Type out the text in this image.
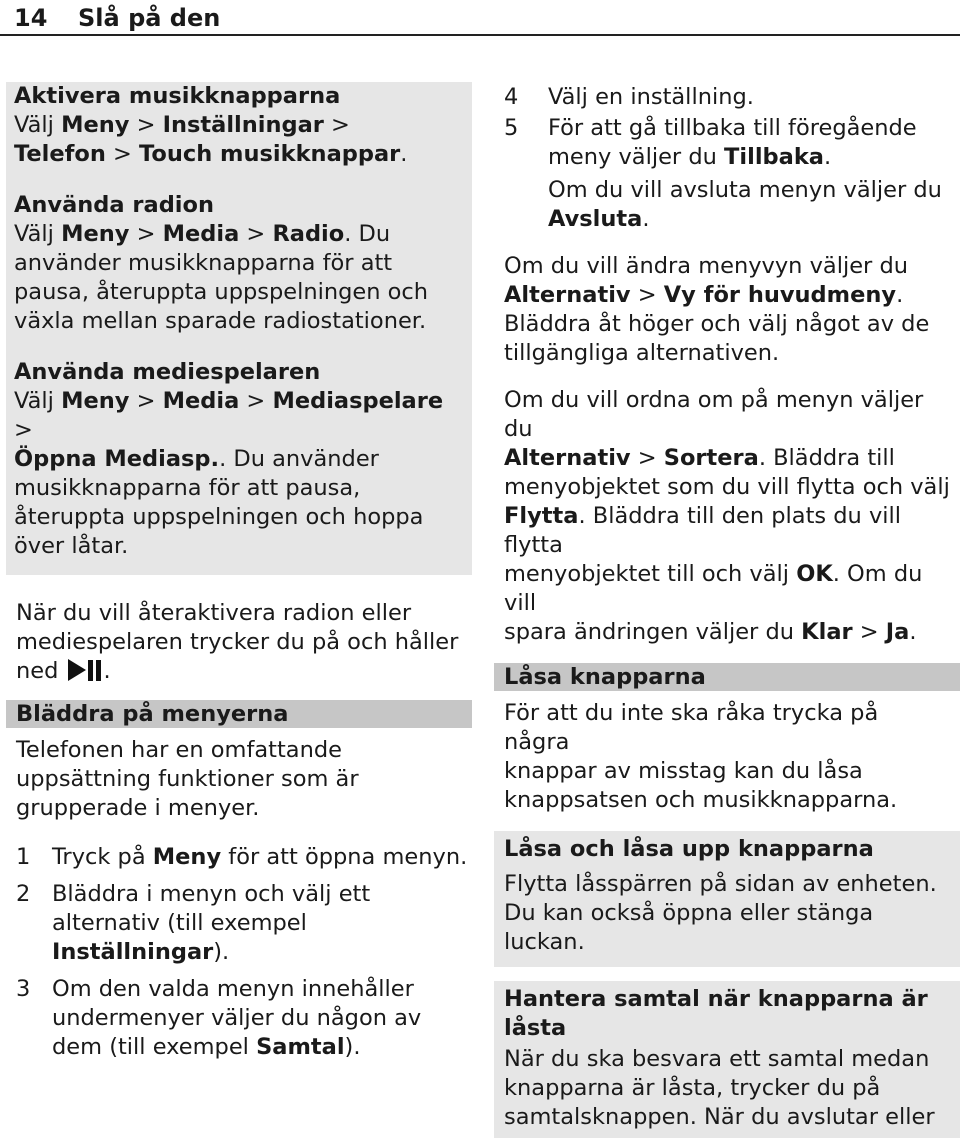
14 Slå på den
Aktivera musikknapparna
Välj Meny > Inställningar >
Telefon > Touch musikknappar.
Använda radion
Välj Meny > Media > Radio. Du
använder musikknapparna för att
pausa, återuppta uppspelningen och
växla mellan sparade radiostationer.
Använda mediespelaren
Välj Meny > Media > Mediaspelare >
Öppna Mediasp.. Du använder
musikknapparna för att pausa,
återuppta uppspelningen och hoppa
över låtar.
När du vill återaktivera radion eller
mediespelaren trycker du på och håller
ned
.
Bläddra på menyerna
Telefonen har en omfattande
uppsättning funktioner som är
grupperade i menyer.
1 Tryck på Meny för att öppna menyn.
2 Bläddra i menyn och välj ett
alternativ (till exempel
Inställningar).
3 Om den valda menyn innehåller
undermenyer väljer du någon av
dem (till exempel Samtal).
4 Välj en inställning.
5 För att gå tillbaka till föregående
meny väljer du Tillbaka.
Om du vill avsluta menyn väljer du
Avsluta.
Om du vill ändra menyvyn väljer du
Alternativ > Vy för huvudmeny.
Bläddra åt höger och välj något av de
tillgängliga alternativen.
Om du vill ordna om på menyn väljer du
Alternativ > Sortera. Bläddra till
menyobjektet som du vill flytta och välj
Flytta. Bläddra till den plats du vill flytta
menyobjektet till och välj OK. Om du vill
spara ändringen väljer du Klar > Ja.
Låsa knapparna
För att du inte ska råka trycka på några
knappar av misstag kan du låsa
knappsatsen och musikknapparna.
Låsa och låsa upp knapparna
Flytta låsspärren på sidan av enheten.
Du kan också öppna eller stänga luckan.
Hantera samtal när knapparna är
låsta
När du ska besvara ett samtal medan
knapparna är låsta, trycker du på
samtalsknappen. När du avslutar eller
